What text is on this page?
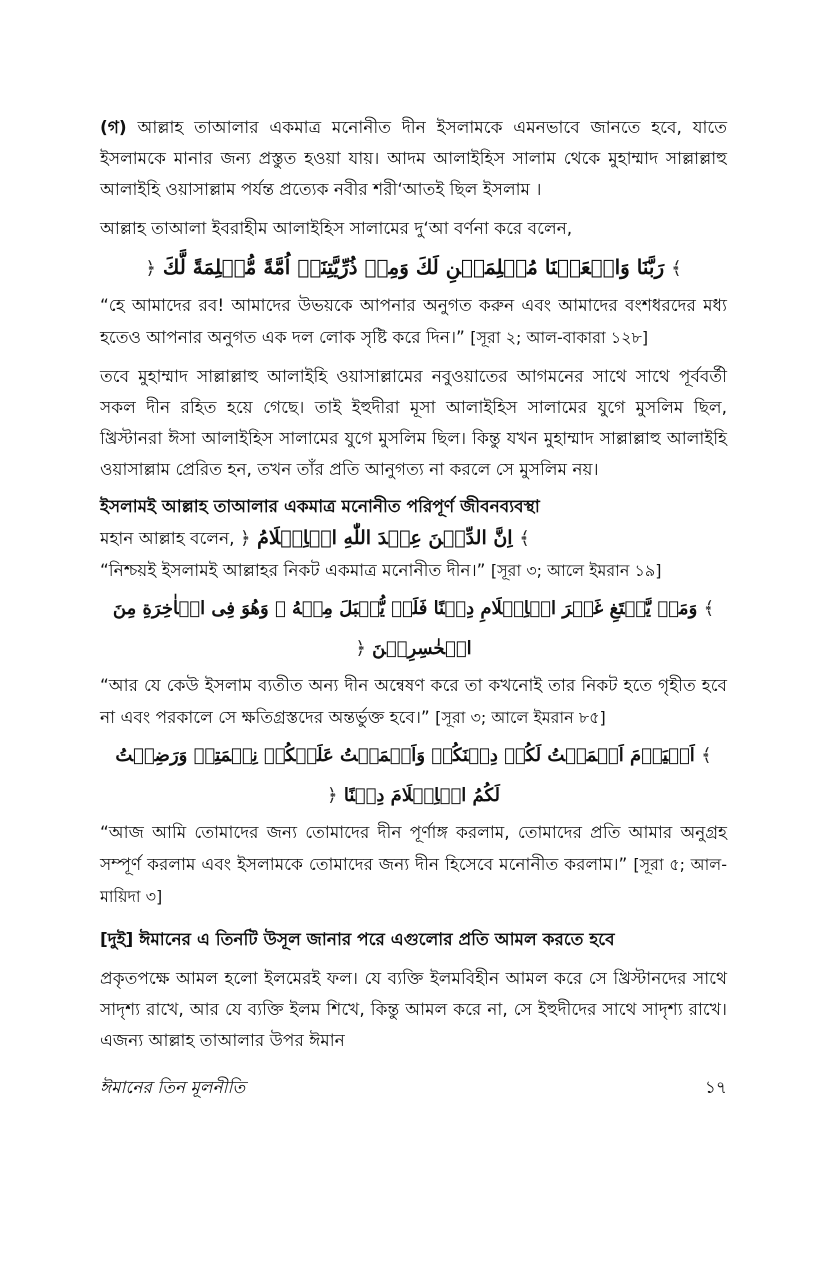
(গ) আল্লাহ তাআলার একমাত্র মনোনীত দীন ইসলামকে এমনভাবে জানতে হবে, যাতে ইসলামকে মানার জন্য প্রস্তুত হওয়া যায়। আদম আলাইহিস সালাম থেকে মুহাম্মাদ সাল্লাল্লাহু আলাইহি ওয়াসাল্লাম পর্যন্ত প্রত্যেক নবীর শরী‘আতই ছিল ইসলাম ।

আল্লাহ তাআলা ইবরাহীম আলাইহিস সালামের দু‘আ বর্ণনা করে বলেন,

﴾ رَبَّنَا وَاجۡعَلۡنَا مُسۡلِمَیۡنِ لَكَ وَمِنۡ ذُرِّیَّتِنَاۤ اُمَّةً مُّسۡلِمَةً لَّكَ ﴿

“হে আমাদের রব! আমাদের উভয়কে আপনার অনুগত করুন এবং আমাদের বংশধরদের মধ্য হতেও আপনার অনুগত এক দল লোক সৃষ্টি করে দিন।” [সূরা ২; আল-বাকারা ১২৮]

তবে মুহাম্মাদ সাল্লাল্লাহু আলাইহি ওয়াসাল্লামের নবুওয়াতের আগমনের সাথে সাথে পূর্ববর্তী সকল দীন রহিত হয়ে গেছে। তাই ইহুদীরা মূসা আলাইহিস সালামের যুগে মুসলিম ছিল, খ্রিস্টানরা ঈসা আলাইহিস সালামের যুগে মুসলিম ছিল। কিন্তু যখন মুহাম্মাদ সাল্লাল্লাহু আলাইহি ওয়াসাল্লাম প্রেরিত হন, তখন তাঁর প্রতি আনুগত্য না করলে সে মুসলিম নয়।

ইসলামই আল্লাহ তাআলার একমাত্র মনোনীত পরিপূর্ণ জীবনব্যবস্থা

মহান আল্লাহ বলেন,	﴾ اِنَّ الدِّیۡنَ عِنۡدَ اللّٰهِ الۡاِسۡلَامُ ﴿

“নিশ্চয়ই ইসলামই আল্লাহর নিকট একমাত্র মনোনীত দীন।” [সূরা ৩; আলে ইমরান ১৯]

﴾ وَمَنۡ یَّبۡتَغِ غَیۡرَ الۡاِسۡلَامِ دِیۡنًا فَلَنۡ یُّقۡبَلَ مِنۡهُ ۚ وَهُوَ فِی الۡاٰخِرَةِ مِنَ الۡخٰسِرِیۡنَ ﴿

“আর যে কেউ ইসলাম ব্যতীত অন্য দীন অন্বেষণ করে তা কখনোই তার নিকট হতে গৃহীত হবে না এবং পরকালে সে ক্ষতিগ্রস্তদের অন্তর্ভুক্ত হবে।” [সূরা ৩; আলে ইমরান ৮৫]

﴾ اَلۡیَوۡمَ اَكۡمَلۡتُ لَكُمۡ دِیۡنَكُمۡ وَاَتۡمَمۡتُ عَلَیۡكُمۡ نِعۡمَتِیۡ وَرَضِیۡتُ لَكُمُ الۡاِسۡلَامَ دِیۡنًا ﴿

“আজ আমি তোমাদের জন্য তোমাদের দীন পূর্ণাঙ্গ করলাম, তোমাদের প্রতি আমার অনুগ্রহ সম্পূর্ণ করলাম এবং ইসলামকে তোমাদের জন্য দীন হিসেবে মনোনীত করলাম।” [সূরা ৫; আল-মায়িদা ৩]

[দুই] ঈমানের এ তিনটি উসূল জানার পরে এগুলোর প্রতি আমল করতে হবে

প্রকৃতপক্ষে আমল হলো ইলমেরই ফল। যে ব্যক্তি ইলমবিহীন আমল করে সে খ্রিস্টানদের সাথে সাদৃশ্য রাখে, আর যে ব্যক্তি ইলম শিখে, কিন্তু আমল করে না, সে ইহুদীদের সাথে সাদৃশ্য রাখে। এজন্য আল্লাহ তাআলার উপর ঈমান

ঈমানের তিন মূলনীতি	১৭
